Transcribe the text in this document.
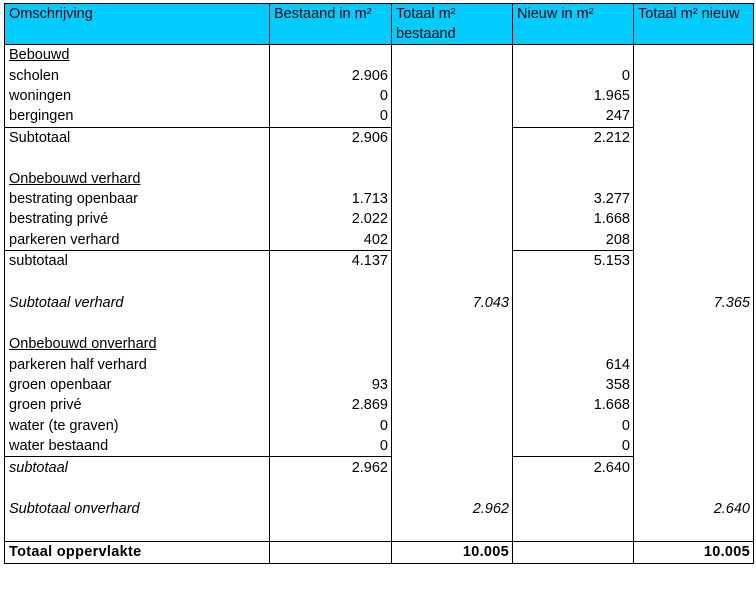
Omschrijving	Bestaand in m²	Totaal m² bestaand	Nieuw in m²	Totaal m² nieuw
Bebouwd				
scholen	2.906		0	
woningen	0		1.965	
bergingen	0		247	
Subtotaal	2.906		2.212	

Onbebouwd verhard				
bestrating openbaar	1.713		3.277	
bestrating privé	2.022		1.668	
parkeren verhard	402		208	
subtotaal	4.137		5.153	

Subtotaal verhard		7.043		7.365

Onbebouwd onverhard				
parkeren half verhard			614	
groen openbaar	93		358	
groen privé	2.869		1.668	
water (te graven)	0		0	
water bestaand	0		0	
subtotaal	2.962		2.640	

Subtotaal onverhard		2.962		2.640

Totaal oppervlakte		10.005		10.005
